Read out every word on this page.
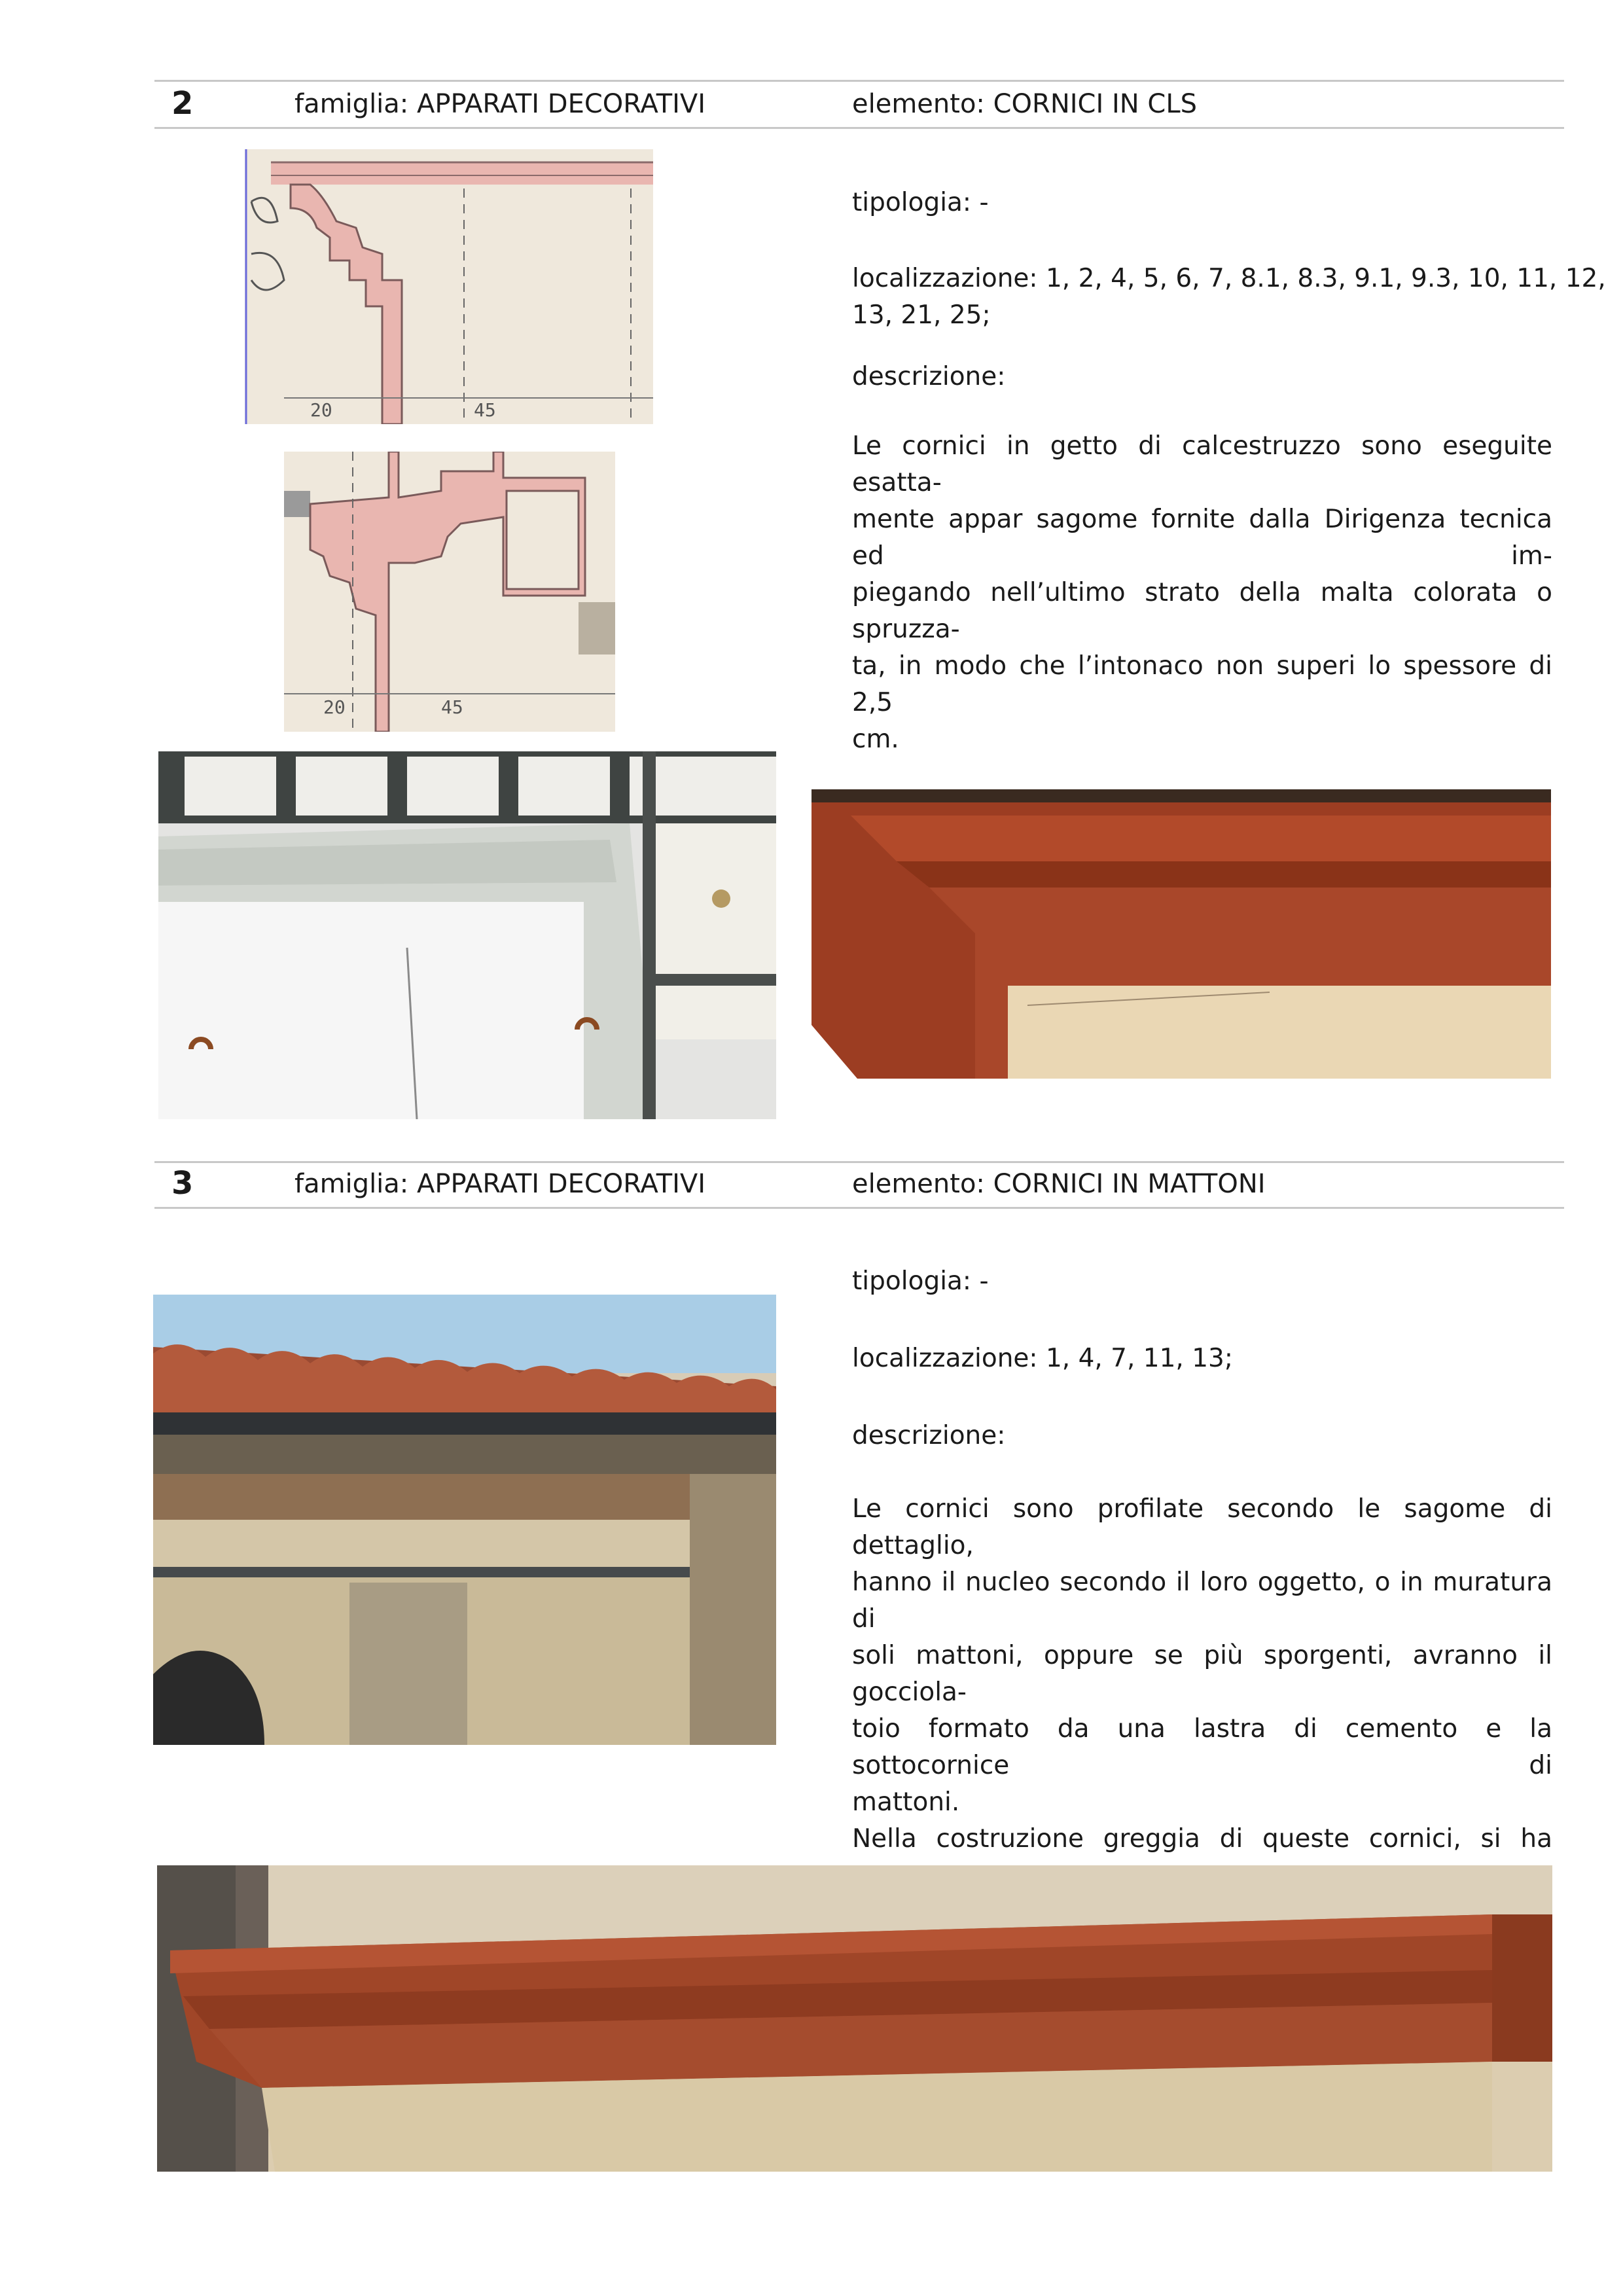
2	famiglia: APPARATI DECORATIVI	elemento: CORNICI IN CLS
20	45
20	45
tipologia: -
localizzazione: 1, 2, 4, 5, 6, 7, 8.1, 8.3, 9.1, 9.3, 10, 11, 12,
13, 21, 25;
descrizione:
Le cornici in getto di calcestruzzo sono eseguite esatta-
mente appar sagome fornite dalla Dirigenza tecnica ed im-
piegando nell’ultimo strato della malta colorata o spruzza-
ta, in modo che l’intonaco non superi lo spessore di 2,5
cm.
3	famiglia: APPARATI DECORATIVI	elemento: CORNICI IN MATTONI
tipologia: -
localizzazione: 1, 4, 7, 11, 13;
descrizione:
Le cornici sono profilate secondo le sagome di dettaglio,
hanno il nucleo secondo il loro oggetto, o in muratura di
soli mattoni, oppure se più sporgenti, avranno il gocciola-
toio formato da una lastra di cemento e la sottocornice di
mattoni.
Nella costruzione greggia di queste cornici, si ha
